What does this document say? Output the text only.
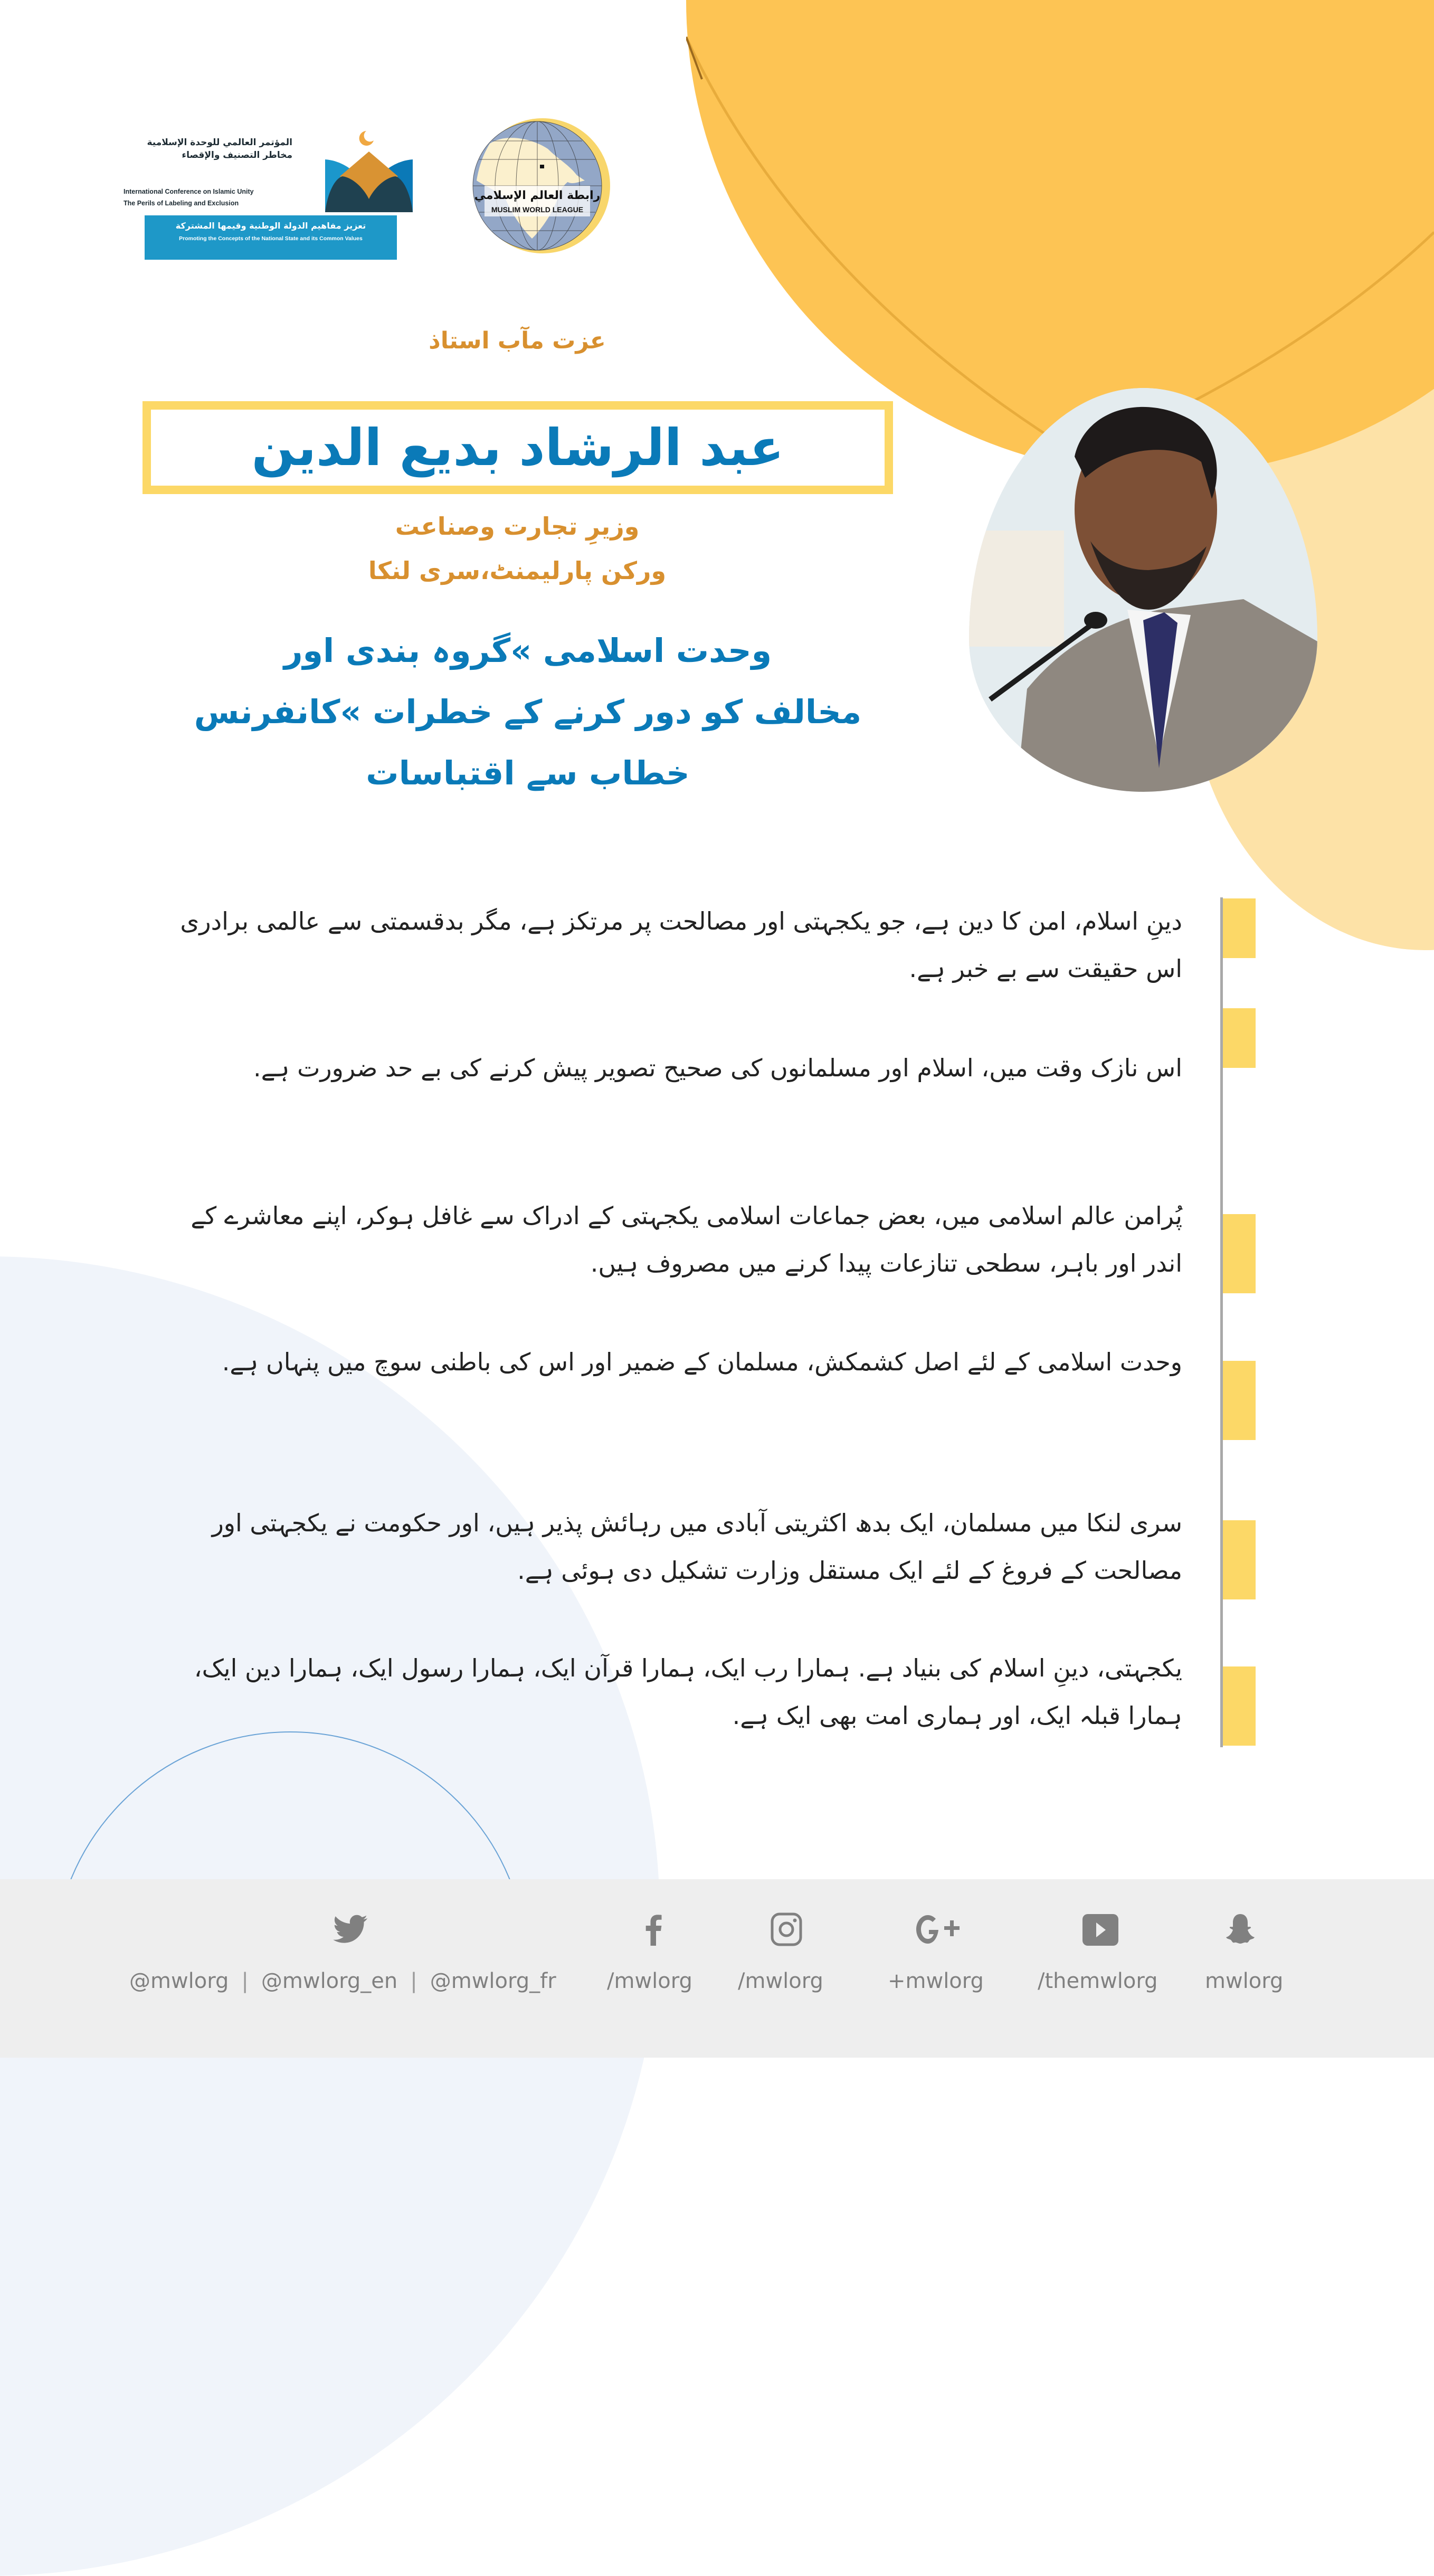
المؤتمر العالمي للوحدة الإسلامية
مخاطر التصنيف والإقصاء
International Conference on Islamic Unity
The Perils of Labeling and Exclusion
تعزيز مفاهيم الدولة الوطنية وقيمها المشتركة
Promoting the Concepts of the National State and its Common Values
رابطة العالم الإسلامي
MUSLIM WORLD LEAGUE
عزت مآب استاذ
عبد الرشاد بديع الدین
وزیرِ تجارت وصناعت
ورکن پارلیمنٹ،سری لنکا
وحدت اسلامی »گروہ بندی اور
مخالف کو دور کرنے کے خطرات »کانفرنس
خطاب سے اقتباسات
دینِ اسلام، امن کا دین ہے، جو یکجہتی اور مصالحت پر مرتکز ہے، مگر بدقسمتی سے عالمی برادری اس حقیقت سے بے خبر ہے.
اس نازک وقت میں، اسلام اور مسلمانوں کی صحیح تصویر پیش کرنے کی بے حد ضرورت ہے.
پُرامن عالم اسلامی میں، بعض جماعات اسلامی یکجہتی کے ادراک سے غافل ہوکر، اپنے معاشرے کے اندر اور باہر، سطحی تنازعات پیدا کرنے میں مصروف ہیں.
وحدت اسلامی کے لئے اصل کشمکش، مسلمان کے ضمیر اور اس کی باطنی سوچ میں پنہاں ہے.
سری لنکا میں مسلمان، ایک بدھ اکثریتی آبادی میں رہائش پذیر ہیں، اور حکومت نے یکجہتی اور مصالحت کے فروغ کے لئے ایک مستقل وزارت تشکیل دی ہوئی ہے.
یکجہتی، دینِ اسلام کی بنیاد ہے. ہمارا رب ایک، ہمارا قرآن ایک، ہمارا رسول ایک، ہمارا دین ایک، ہمارا قبلہ ایک، اور ہماری امت بھی ایک ہے.
@mwlorg | @mwlorg_en | @mwlorg_fr /mwlorg /mwlorg	+mwlorg	/themwlorg mwlorg
